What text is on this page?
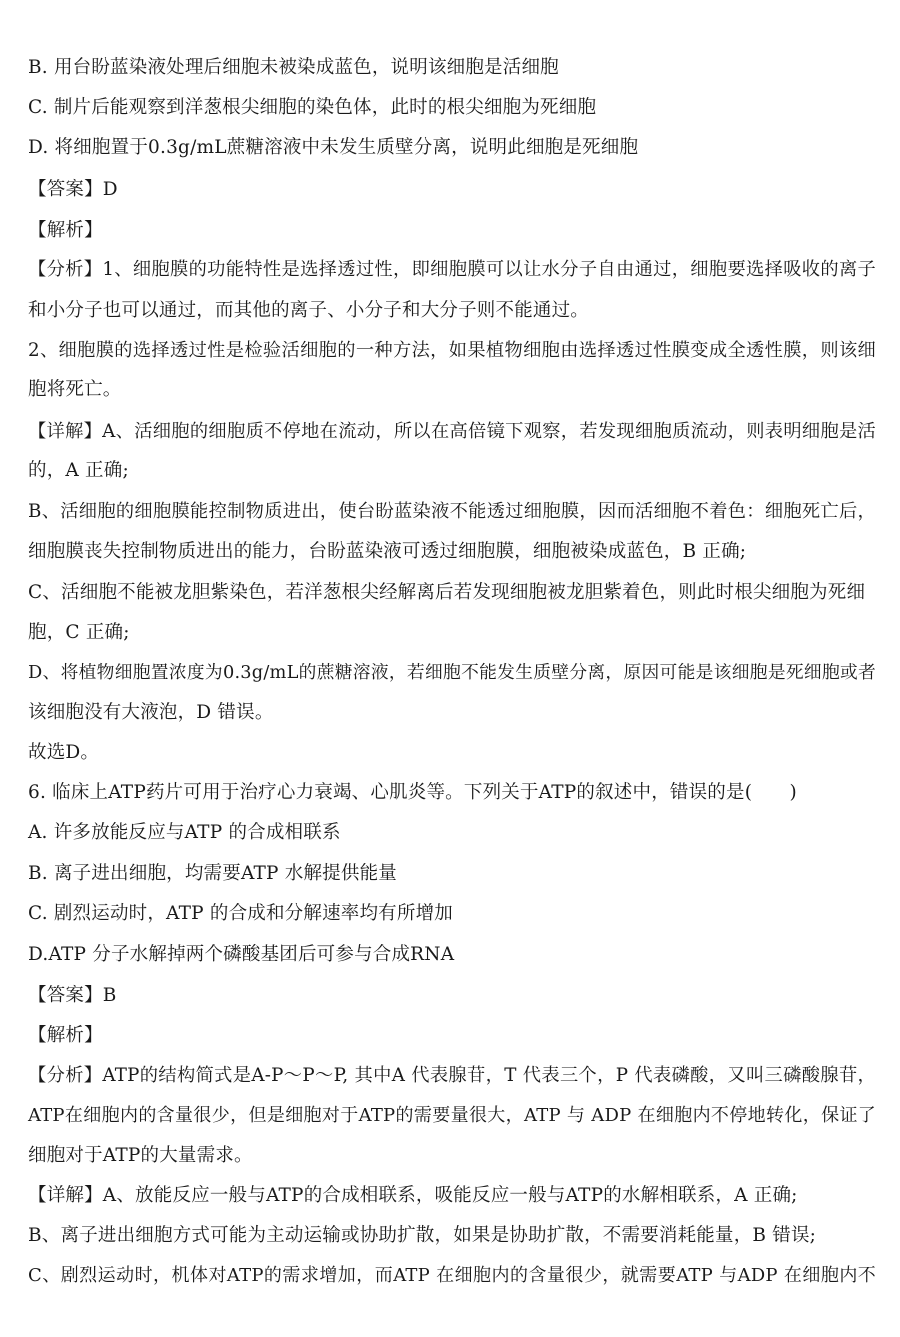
B. 用台盼蓝染液处理后细胞未被染成蓝色，说明该细胞是活细胞
C. 制片后能观察到洋葱根尖细胞的染色体，此时的根尖细胞为死细胞
D. 将细胞置于0.3g/mL蔗糖溶液中未发生质壁分离，说明此细胞是死细胞
【答案】D
【解析】
【分析】1、细胞膜的功能特性是选择透过性，即细胞膜可以让水分子自由通过，细胞要选择吸收的离子
和小分子也可以通过，而其他的离子、小分子和大分子则不能通过。
2、细胞膜的选择透过性是检验活细胞的一种方法，如果植物细胞由选择透过性膜变成全透性膜，则该细
胞将死亡。
【详解】A、活细胞的细胞质不停地在流动，所以在高倍镜下观察，若发现细胞质流动，则表明细胞是活
的，A 正确;
B、活细胞的细胞膜能控制物质进出，使台盼蓝染液不能透过细胞膜，因而活细胞不着色：细胞死亡后，
细胞膜丧失控制物质进出的能力，台盼蓝染液可透过细胞膜，细胞被染成蓝色，B 正确;
C、活细胞不能被龙胆紫染色，若洋葱根尖经解离后若发现细胞被龙胆紫着色，则此时根尖细胞为死细
胞，C 正确;
D、将植物细胞置浓度为0.3g/mL的蔗糖溶液，若细胞不能发生质壁分离，原因可能是该细胞是死细胞或者
该细胞没有大液泡，D 错误。
故选D。
6. 临床上ATP药片可用于治疗心力衰竭、心肌炎等。下列关于ATP的叙述中，错误的是(　　)
A. 许多放能反应与ATP 的合成相联系
B. 离子进出细胞，均需要ATP 水解提供能量
C. 剧烈运动时，ATP 的合成和分解速率均有所增加
D.ATP 分子水解掉两个磷酸基团后可参与合成RNA
【答案】B
【解析】
【分析】ATP的结构简式是A-P～P～P, 其中A 代表腺苷，T 代表三个，P 代表磷酸，又叫三磷酸腺苷，
ATP在细胞内的含量很少，但是细胞对于ATP的需要量很大，ATP 与 ADP 在细胞内不停地转化，保证了
细胞对于ATP的大量需求。
【详解】A、放能反应一般与ATP的合成相联系，吸能反应一般与ATP的水解相联系，A 正确;
B、离子进出细胞方式可能为主动运输或协助扩散，如果是协助扩散，不需要消耗能量，B 错误;
C、剧烈运动时，机体对ATP的需求增加，而ATP 在细胞内的含量很少，就需要ATP 与ADP 在细胞内不
